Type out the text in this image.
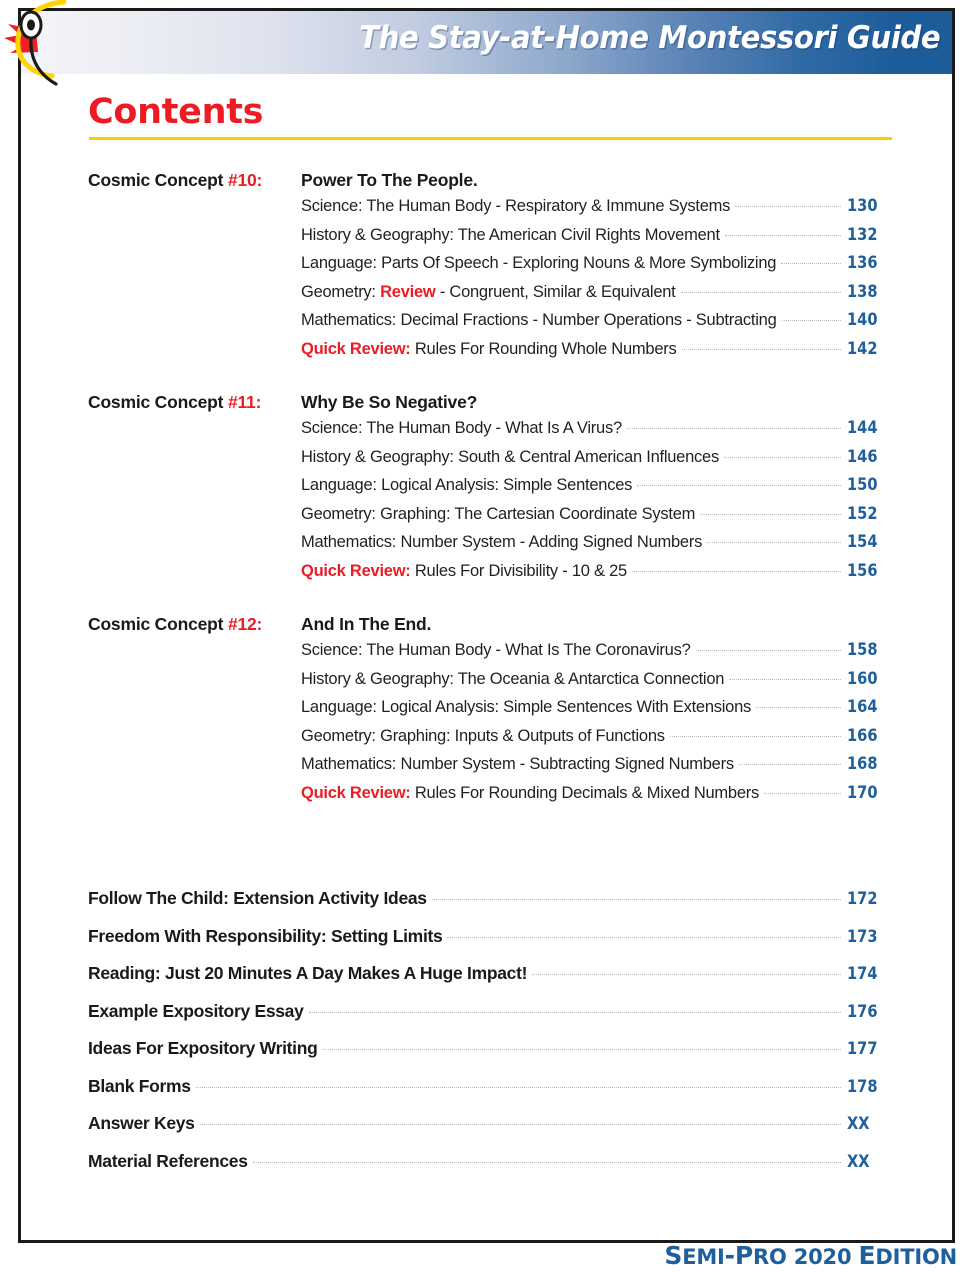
The Stay-at-Home Montessori Guide
Contents
Cosmic Concept #10:	Power To The People.
Science: The Human Body - Respiratory & Immune Systems	130
History & Geography: The American Civil Rights Movement	132
Language: Parts Of Speech - Exploring Nouns & More Symbolizing	136
Geometry: Review - Congruent, Similar & Equivalent	138
Mathematics: Decimal Fractions - Number Operations - Subtracting	140
Quick Review: Rules For Rounding Whole Numbers	142
Cosmic Concept #11:	Why Be So Negative?
Science: The Human Body - What Is A Virus?	144
History & Geography: South & Central American Influences	146
Language: Logical Analysis: Simple Sentences	150
Geometry: Graphing: The Cartesian Coordinate System	152
Mathematics: Number System - Adding Signed Numbers	154
Quick Review: Rules For Divisibility - 10 & 25	156
Cosmic Concept #12:	And In The End.
Science: The Human Body - What Is The Coronavirus?	158
History & Geography: The Oceania & Antarctica Connection	160
Language: Logical Analysis: Simple Sentences With Extensions	164
Geometry: Graphing: Inputs & Outputs of Functions	166
Mathematics: Number System - Subtracting Signed Numbers	168
Quick Review: Rules For Rounding Decimals & Mixed Numbers	170
Follow The Child: Extension Activity Ideas	172
Freedom With Responsibility: Setting Limits	173
Reading: Just 20 Minutes A Day Makes A Huge Impact!	174
Example Expository Essay	176
Ideas For Expository Writing	177
Blank Forms	178
Answer Keys	XX
Material References	XX
SEMI-PRO 2020 EDITION
